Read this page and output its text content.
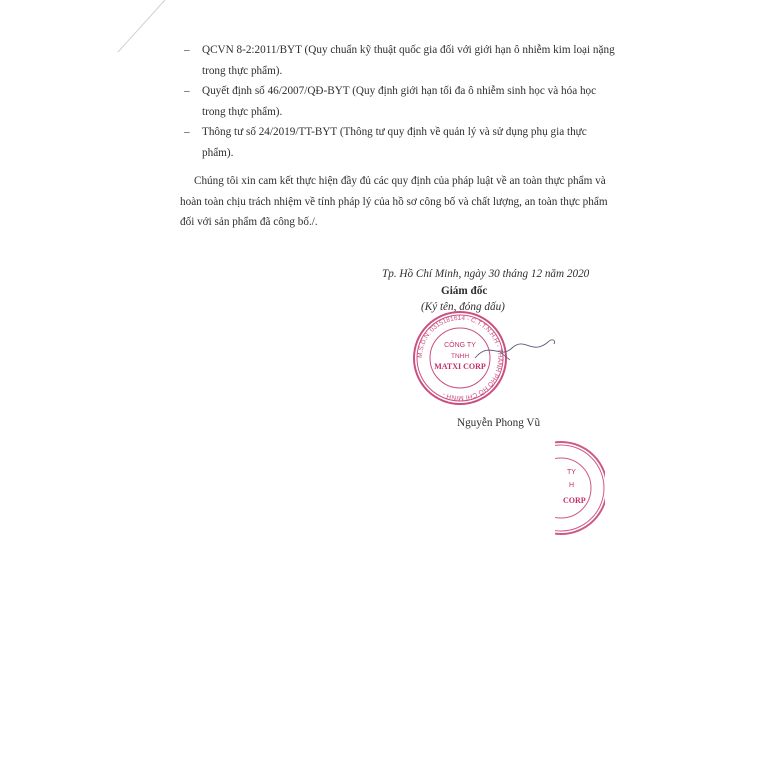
– QCVN 8-2:2011/BYT (Quy chuẩn kỹ thuật quốc gia đối với giới hạn ô nhiễm kim loại nặng trong thực phẩm).
– Quyết định số 46/2007/QĐ-BYT (Quy định giới hạn tối đa ô nhiễm sinh học và hóa học trong thực phẩm).
– Thông tư số 24/2019/TT-BYT (Thông tư quy định về quản lý và sử dụng phụ gia thực phẩm).

Chúng tôi xin cam kết thực hiện đầy đủ các quy định của pháp luật về an toàn thực phẩm và hoàn toàn chịu trách nhiệm về tính pháp lý của hồ sơ công bố và chất lượng, an toàn thực phẩm đối với sản phẩm đã công bố./.

Tp. Hồ Chí Minh, ngày 30 tháng 12 năm 2020
Giám đốc
(Ký tên, đóng dấu)
M.S.D.N: 0315181614 - C.T.T.N.H.H - THÀNH PHỐ HỒ CHÍ MINH -
CÔNG TY
TNHH
MATXI CORP
Nguyễn Phong Vũ
TY
H
CORP
